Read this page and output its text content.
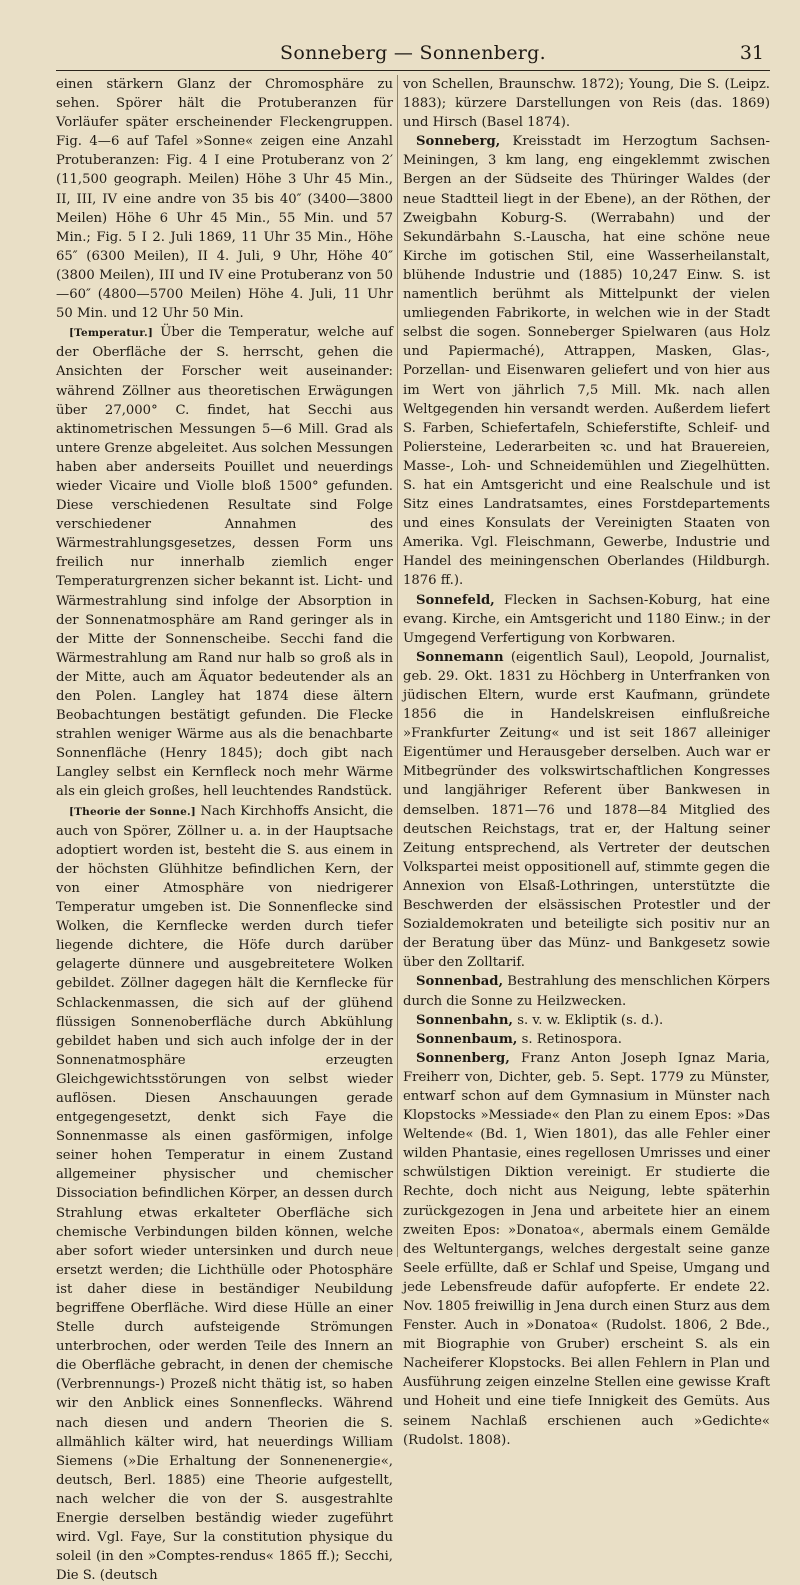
Sonneberg — Sonnenberg.	31

einen stärkern Glanz der Chromosphäre zu sehen. Spörer hält die Protuberanzen für Vorläufer später erscheinender Fleckengruppen. Fig. 4—6 auf Tafel »Sonne« zeigen eine Anzahl Protuberanzen: Fig. 4 I eine Protuberanz von 2′ (11,500 geograph. Meilen) Höhe 3 Uhr 45 Min., II, III, IV eine andre von 35 bis 40″ (3400—3800 Meilen) Höhe 6 Uhr 45 Min., 55 Min. und 57 Min.; Fig. 5 I 2. Juli 1869, 11 Uhr 35 Min., Höhe 65″ (6300 Meilen), II 4. Juli, 9 Uhr, Höhe 40″ (3800 Meilen), III und IV eine Protuberanz von 50—60″ (4800—5700 Meilen) Höhe 4. Juli, 11 Uhr 50 Min. und 12 Uhr 50 Min.

[Temperatur.] Über die Temperatur, welche auf der Oberfläche der S. herrscht, gehen die Ansichten der Forscher weit auseinander: während Zöllner aus theoretischen Erwägungen über 27,000° C. findet, hat Secchi aus aktinometrischen Messungen 5—6 Mill. Grad als untere Grenze abgeleitet. Aus solchen Messungen haben aber anderseits Pouillet und neuerdings wieder Vicaire und Violle bloß 1500° gefunden. Diese verschiedenen Resultate sind Folge verschiedener Annahmen des Wärmestrahlungsgesetzes, dessen Form uns freilich nur innerhalb ziemlich enger Temperaturgrenzen sicher bekannt ist. Licht- und Wärmestrahlung sind infolge der Absorption in der Sonnenatmosphäre am Rand geringer als in der Mitte der Sonnenscheibe. Secchi fand die Wärmestrahlung am Rand nur halb so groß als in der Mitte, auch am Äquator bedeutender als an den Polen. Langley hat 1874 diese ältern Beobachtungen bestätigt gefunden. Die Flecke strahlen weniger Wärme aus als die benachbarte Sonnenfläche (Henry 1845); doch gibt nach Langley selbst ein Kernfleck noch mehr Wärme als ein gleich großes, hell leuchtendes Randstück.

[Theorie der Sonne.] Nach Kirchhoffs Ansicht, die auch von Spörer, Zöllner u. a. in der Hauptsache adoptiert worden ist, besteht die S. aus einem in der höchsten Glühhitze befindlichen Kern, der von einer Atmosphäre von niedrigerer Temperatur umgeben ist. Die Sonnenflecke sind Wolken, die Kernflecke werden durch tiefer liegende dichtere, die Höfe durch darüber gelagerte dünnere und ausgebreitetere Wolken gebildet. Zöllner dagegen hält die Kernflecke für Schlackenmassen, die sich auf der glühend flüssigen Sonnenoberfläche durch Abkühlung gebildet haben und sich auch infolge der in der Sonnenatmosphäre erzeugten Gleichgewichtsstörungen von selbst wieder auflösen. Diesen Anschauungen gerade entgegengesetzt, denkt sich Faye die Sonnenmasse als einen gasförmigen, infolge seiner hohen Temperatur in einem Zustand allgemeiner physischer und chemischer Dissociation befindlichen Körper, an dessen durch Strahlung etwas erkalteter Oberfläche sich chemische Verbindungen bilden können, welche aber sofort wieder untersinken und durch neue ersetzt werden; die Lichthülle oder Photosphäre ist daher diese in beständiger Neubildung begriffene Oberfläche. Wird diese Hülle an einer Stelle durch aufsteigende Strömungen unterbrochen, oder werden Teile des Innern an die Oberfläche gebracht, in denen der chemische (Verbrennungs-) Prozeß nicht thätig ist, so haben wir den Anblick eines Sonnenflecks. Während nach diesen und andern Theorien die S. allmählich kälter wird, hat neuerdings William Siemens (»Die Erhaltung der Sonnenenergie«, deutsch, Berl. 1885) eine Theorie aufgestellt, nach welcher die von der S. ausgestrahlte Energie derselben beständig wieder zugeführt wird. Vgl. Faye, Sur la constitution physique du soleil (in den »Comptes-rendus« 1865 ff.); Secchi, Die S. (deutsch

von Schellen, Braunschw. 1872); Young, Die S. (Leipz. 1883); kürzere Darstellungen von Reis (das. 1869) und Hirsch (Basel 1874).

Sonneberg, Kreisstadt im Herzogtum Sachsen-Meiningen, 3 km lang, eng eingeklemmt zwischen Bergen an der Südseite des Thüringer Waldes (der neue Stadtteil liegt in der Ebene), an der Röthen, der Zweigbahn Koburg-S. (Werrabahn) und der Sekundärbahn S.-Lauscha, hat eine schöne neue Kirche im gotischen Stil, eine Wasserheilanstalt, blühende Industrie und (1885) 10,247 Einw. S. ist namentlich berühmt als Mittelpunkt der vielen umliegenden Fabrikorte, in welchen wie in der Stadt selbst die sogen. Sonneberger Spielwaren (aus Holz und Papiermaché), Attrappen, Masken, Glas-, Porzellan- und Eisenwaren geliefert und von hier aus im Wert von jährlich 7,5 Mill. Mk. nach allen Weltgegenden hin versandt werden. Außerdem liefert S. Farben, Schiefertafeln, Schieferstifte, Schleif- und Poliersteine, Lederarbeiten ꝛc. und hat Brauereien, Masse-, Loh- und Schneidemühlen und Ziegelhütten. S. hat ein Amtsgericht und eine Realschule und ist Sitz eines Landratsamtes, eines Forstdepartements und eines Konsulats der Vereinigten Staaten von Amerika. Vgl. Fleischmann, Gewerbe, Industrie und Handel des meiningenschen Oberlandes (Hildburgh. 1876 ff.).

Sonnefeld, Flecken in Sachsen-Koburg, hat eine evang. Kirche, ein Amtsgericht und 1180 Einw.; in der Umgegend Verfertigung von Korbwaren.

Sonnemann (eigentlich Saul), Leopold, Journalist, geb. 29. Okt. 1831 zu Höchberg in Unterfranken von jüdischen Eltern, wurde erst Kaufmann, gründete 1856 die in Handelskreisen einflußreiche »Frankfurter Zeitung« und ist seit 1867 alleiniger Eigentümer und Herausgeber derselben. Auch war er Mitbegründer des volkswirtschaftlichen Kongresses und langjähriger Referent über Bankwesen in demselben. 1871—76 und 1878—84 Mitglied des deutschen Reichstags, trat er, der Haltung seiner Zeitung entsprechend, als Vertreter der deutschen Volkspartei meist oppositionell auf, stimmte gegen die Annexion von Elsaß-Lothringen, unterstützte die Beschwerden der elsässischen Protestler und der Sozialdemokraten und beteiligte sich positiv nur an der Beratung über das Münz- und Bankgesetz sowie über den Zolltarif.

Sonnenbad, Bestrahlung des menschlichen Körpers durch die Sonne zu Heilzwecken.

Sonnenbahn, s. v. w. Ekliptik (s. d.).

Sonnenbaum, s. Retinospora.

Sonnenberg, Franz Anton Joseph Ignaz Maria, Freiherr von, Dichter, geb. 5. Sept. 1779 zu Münster, entwarf schon auf dem Gymnasium in Münster nach Klopstocks »Messiade« den Plan zu einem Epos: »Das Weltende« (Bd. 1, Wien 1801), das alle Fehler einer wilden Phantasie, eines regellosen Umrisses und einer schwülstigen Diktion vereinigt. Er studierte die Rechte, doch nicht aus Neigung, lebte späterhin zurückgezogen in Jena und arbeitete hier an einem zweiten Epos: »Donatoa«, abermals einem Gemälde des Weltuntergangs, welches dergestalt seine ganze Seele erfüllte, daß er Schlaf und Speise, Umgang und jede Lebensfreude dafür aufopferte. Er endete 22. Nov. 1805 freiwillig in Jena durch einen Sturz aus dem Fenster. Auch in »Donatoa« (Rudolst. 1806, 2 Bde., mit Biographie von Gruber) erscheint S. als ein Nacheiferer Klopstocks. Bei allen Fehlern in Plan und Ausführung zeigen einzelne Stellen eine gewisse Kraft und Hoheit und eine tiefe Innigkeit des Gemüts. Aus seinem Nachlaß erschienen auch »Gedichte« (Rudolst. 1808).
